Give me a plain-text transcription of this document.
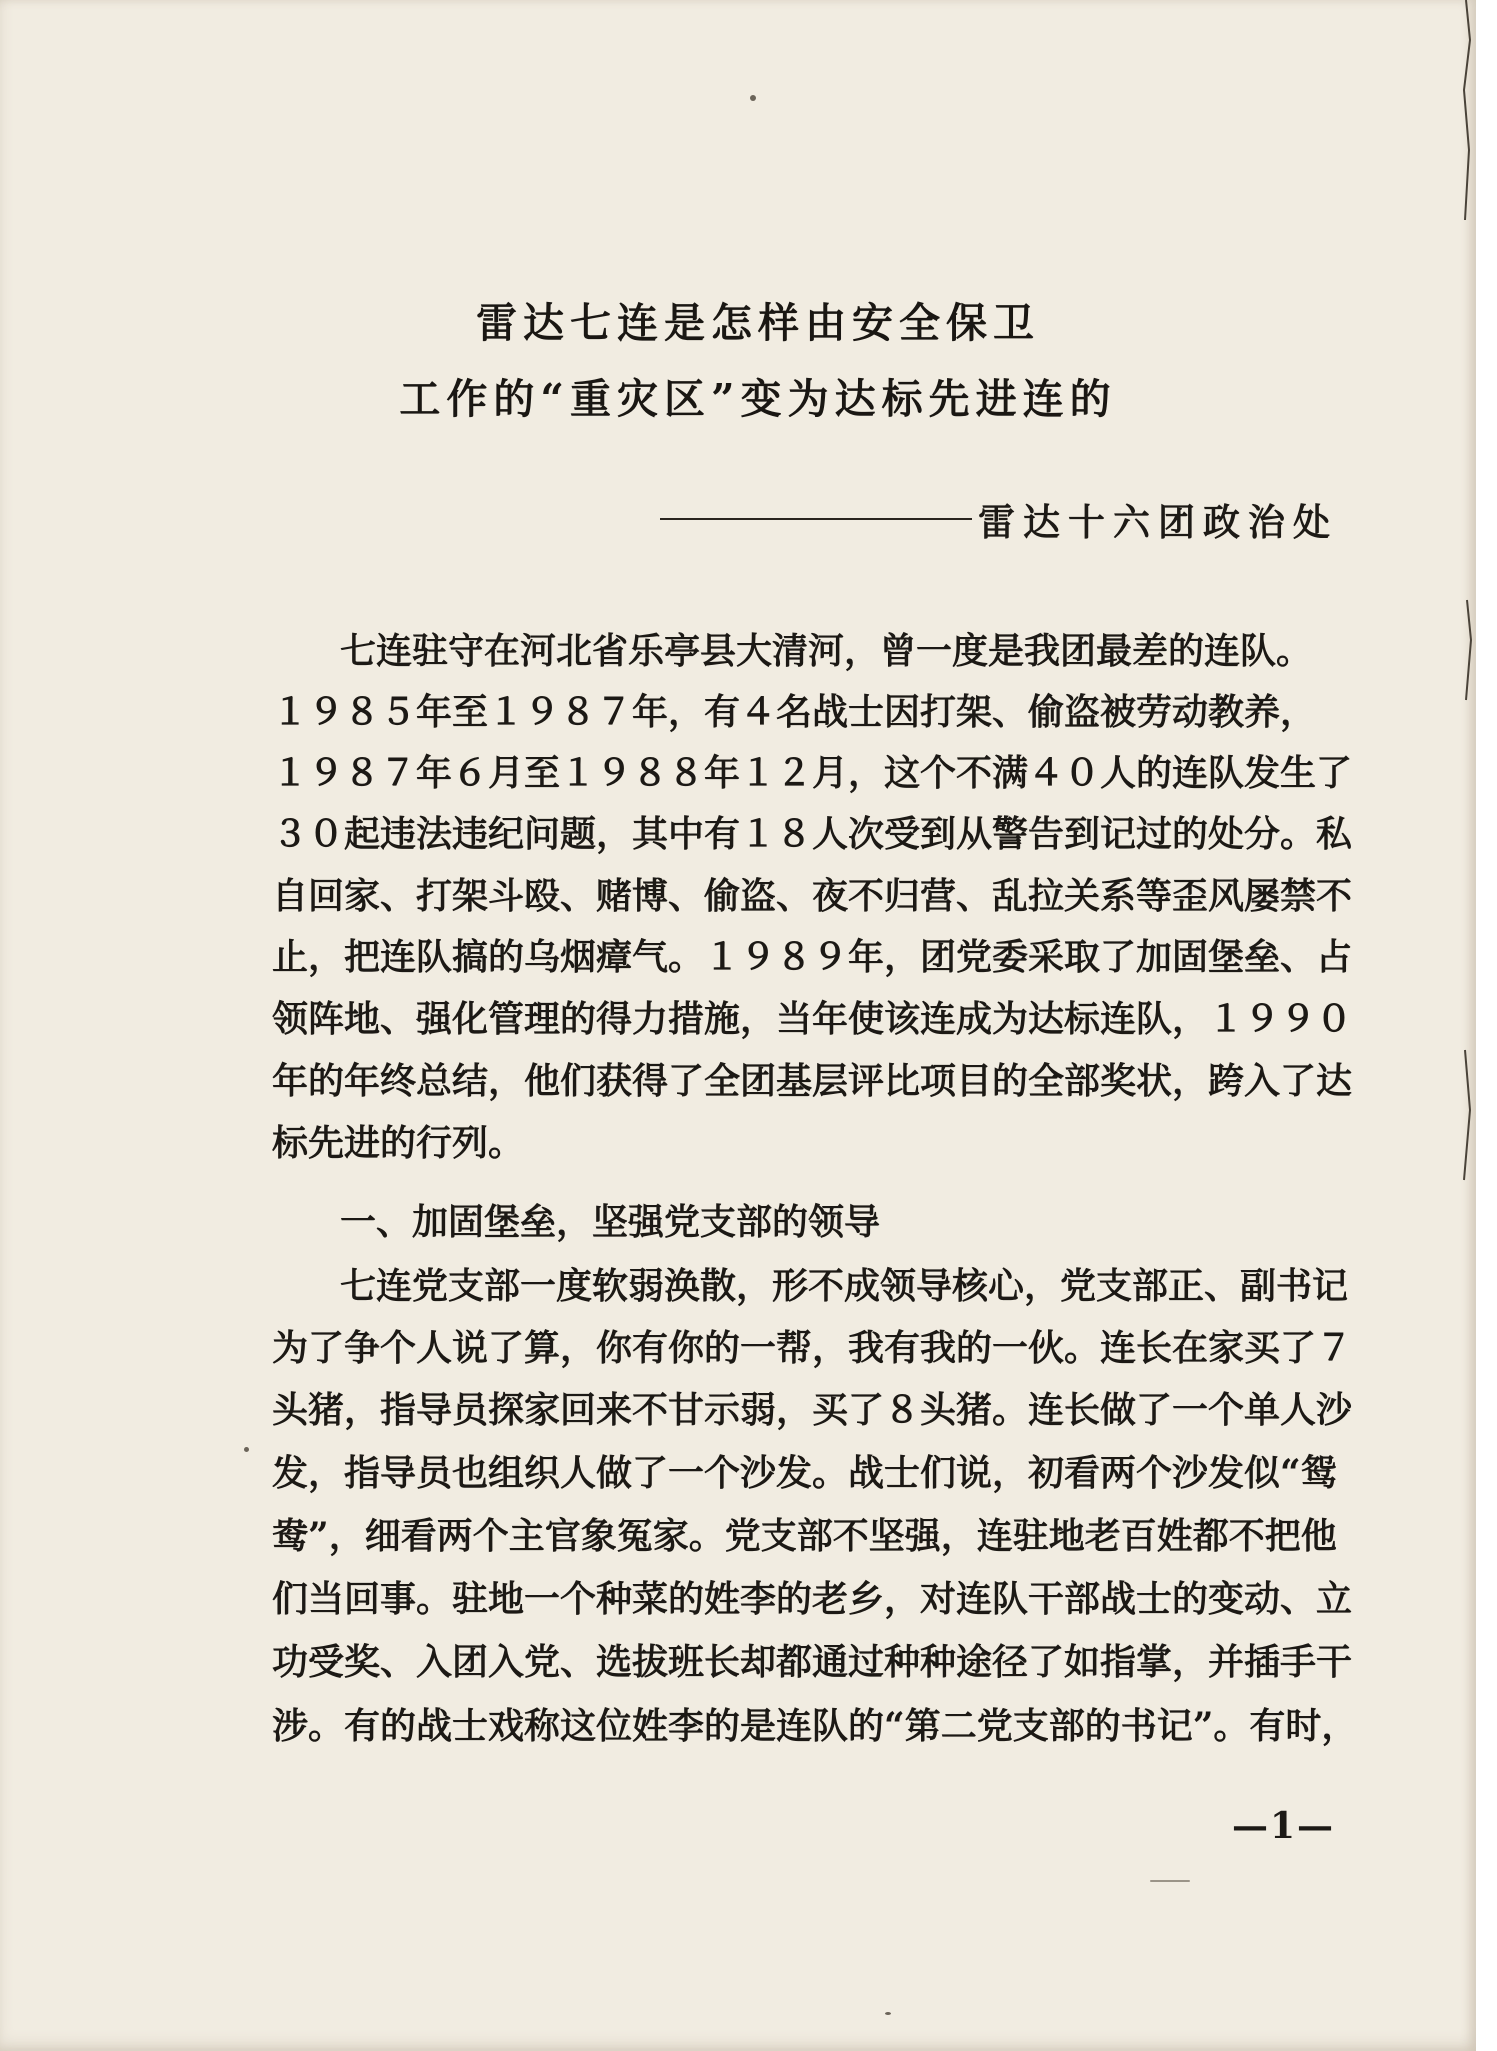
雷达七连是怎样由安全保卫
工作的“重灾区”变为达标先进连的
雷达十六团政治处
七连驻守在河北省乐亭县大清河，曾一度是我团最差的连队。
１９８５年至１９８７年，有４名战士因打架、偷盗被劳动教养，
１９８７年６月至１９８８年１２月，这个不满４０人的连队发生了
３０起违法违纪问题，其中有１８人次受到从警告到记过的处分。私
自回家、打架斗殴、赌博、偷盗、夜不归营、乱拉关系等歪风屡禁不
止，把连队搞的乌烟瘴气。１９８９年，团党委采取了加固堡垒、占
领阵地、强化管理的得力措施，当年使该连成为达标连队，１９９０
年的年终总结，他们获得了全团基层评比项目的全部奖状，跨入了达
标先进的行列。
一、加固堡垒，坚强党支部的领导
七连党支部一度软弱涣散，形不成领导核心，党支部正、副书记
为了争个人说了算，你有你的一帮，我有我的一伙。连长在家买了７
头猪，指导员探家回来不甘示弱，买了８头猪。连长做了一个单人沙
发，指导员也组织人做了一个沙发。战士们说，初看两个沙发似“鸳
鸯”，细看两个主官象冤家。党支部不坚强，连驻地老百姓都不把他
们当回事。驻地一个种菜的姓李的老乡，对连队干部战士的变动、立
功受奖、入团入党、选拔班长却都通过种种途径了如指掌，并插手干
涉。有的战士戏称这位姓李的是连队的“第二党支部的书记”。有时，
—1—
